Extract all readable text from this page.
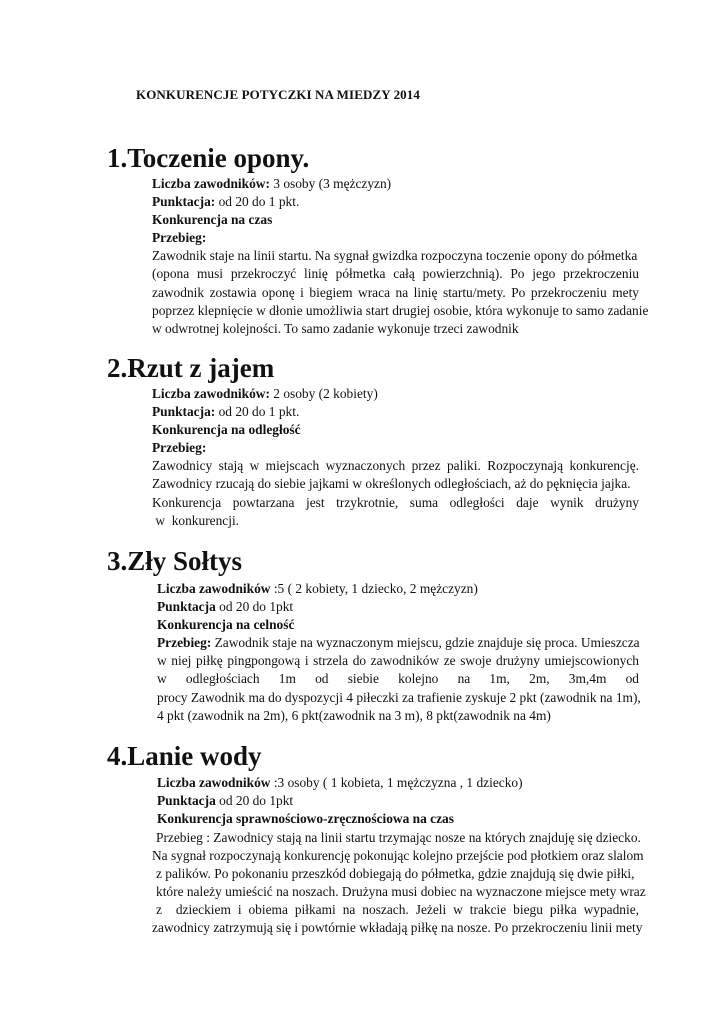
KONKURENCJE POTYCZKI NA MIEDZY 2014
1.Toczenie opony.
Liczba zawodników: 3 osoby (3 mężczyzn)
Punktacja: od 20 do 1 pkt.
Konkurencja na czas
Przebieg:
Zawodnik staje na linii startu. Na sygnał gwizdka rozpoczyna toczenie opony do półmetka
(opona musi przekroczyć linię półmetka całą powierzchnią). Po jego przekroczeniu
zawodnik zostawia oponę i biegiem wraca na linię startu/mety. Po przekroczeniu mety
poprzez klepnięcie w dłonie umożliwia start drugiej osobie, która wykonuje to samo zadanie
w odwrotnej kolejności. To samo zadanie wykonuje trzeci zawodnik
2.Rzut z jajem
Liczba zawodników: 2 osoby (2 kobiety)
Punktacja: od 20 do 1 pkt.
Konkurencja na odległość
Przebieg:
Zawodnicy stają w miejscach wyznaczonych przez paliki. Rozpoczynają konkurencję.
Zawodnicy rzucają do siebie jajkami w określonych odległościach, aż do pęknięcia jajka.
Konkurencja powtarzana jest trzykrotnie, suma odległości daje wynik drużyny
w  konkurencji.
3.Zły Sołtys
Liczba zawodników :5 ( 2 kobiety, 1 dziecko, 2 mężczyzn)
Punktacja od 20 do 1pkt
Konkurencja na celność
Przebieg: Zawodnik staje na wyznaczonym miejscu, gdzie znajduje się proca. Umieszcza
w niej piłkę pingpongową i strzela do zawodników ze swoje drużyny umiejscowionych
w odległościach 1m od siebie kolejno na 1m, 2m, 3m,4m od
procy Zawodnik ma do dyspozycji 4 piłeczki za trafienie zyskuje 2 pkt (zawodnik na 1m),
4 pkt (zawodnik na 2m), 6 pkt(zawodnik na 3 m), 8 pkt(zawodnik na 4m)
4.Lanie wody
Liczba zawodników :3 osoby ( 1 kobieta, 1 mężczyzna , 1 dziecko)
Punktacja od 20 do 1pkt
Konkurencja sprawnościowo-zręcznościowa na czas
Przebieg : Zawodnicy stają na linii startu trzymając nosze na których znajduję się dziecko.
Na sygnał rozpoczynają konkurencję pokonując kolejno przejście pod płotkiem oraz slalom
z palików. Po pokonaniu przeszkód dobiegają do półmetka, gdzie znajdują się dwie piłki,
które należy umieścić na noszach. Drużyna musi dobiec na wyznaczone miejsce mety wraz
z  dzieckiem i obiema piłkami na noszach. Jeżeli w trakcie biegu piłka wypadnie,
zawodnicy zatrzymują się i powtórnie wkładają piłkę na nosze. Po przekroczeniu linii mety
